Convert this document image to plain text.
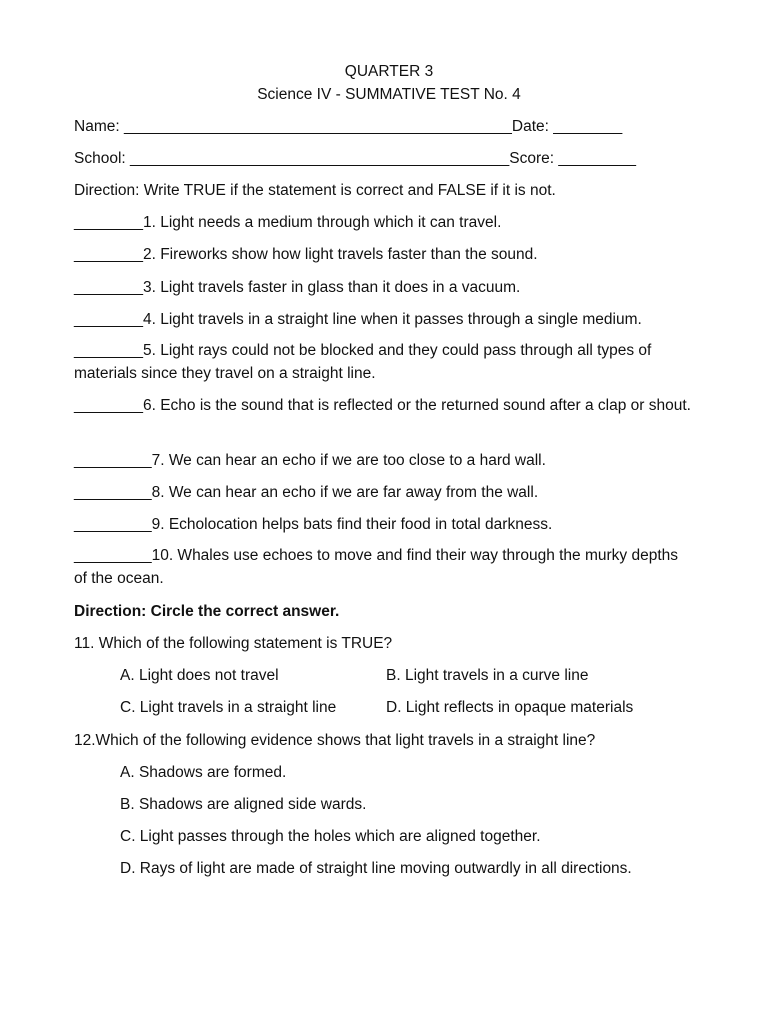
QUARTER 3
Science IV - SUMMATIVE TEST No. 4
Name: _____________________________________________Date: ________
School: ____________________________________________Score: _________
Direction: Write TRUE if the statement is correct and FALSE if it is not.
________1. Light needs a medium through which it can travel.
________2. Fireworks show how light travels faster than the sound.
________3. Light travels faster in glass than it does in a vacuum.
________4. Light travels in a straight line when it passes through a single medium.
________5. Light rays could not be blocked and they could pass through all types of materials since they travel on a straight line.
________6. Echo is the sound that is reflected or the returned sound after a clap or shout.
_________7. We can hear an echo if we are too close to a hard wall.
_________8. We can hear an echo if we are far away from the wall.
_________9. Echolocation helps bats find their food in total darkness.
_________10. Whales use echoes to move and find their way through the murky depths of the ocean.
Direction: Circle the correct answer.
11. Which of the following statement is TRUE?
A. Light does not travel	B. Light travels in a curve line
C. Light travels in a straight line	D. Light reflects in opaque materials
12.Which of the following evidence shows that light travels in a straight line?
A. Shadows are formed.
B. Shadows are aligned side wards.
C. Light passes through the holes which are aligned together.
D. Rays of light are made of straight line moving outwardly in all directions.
